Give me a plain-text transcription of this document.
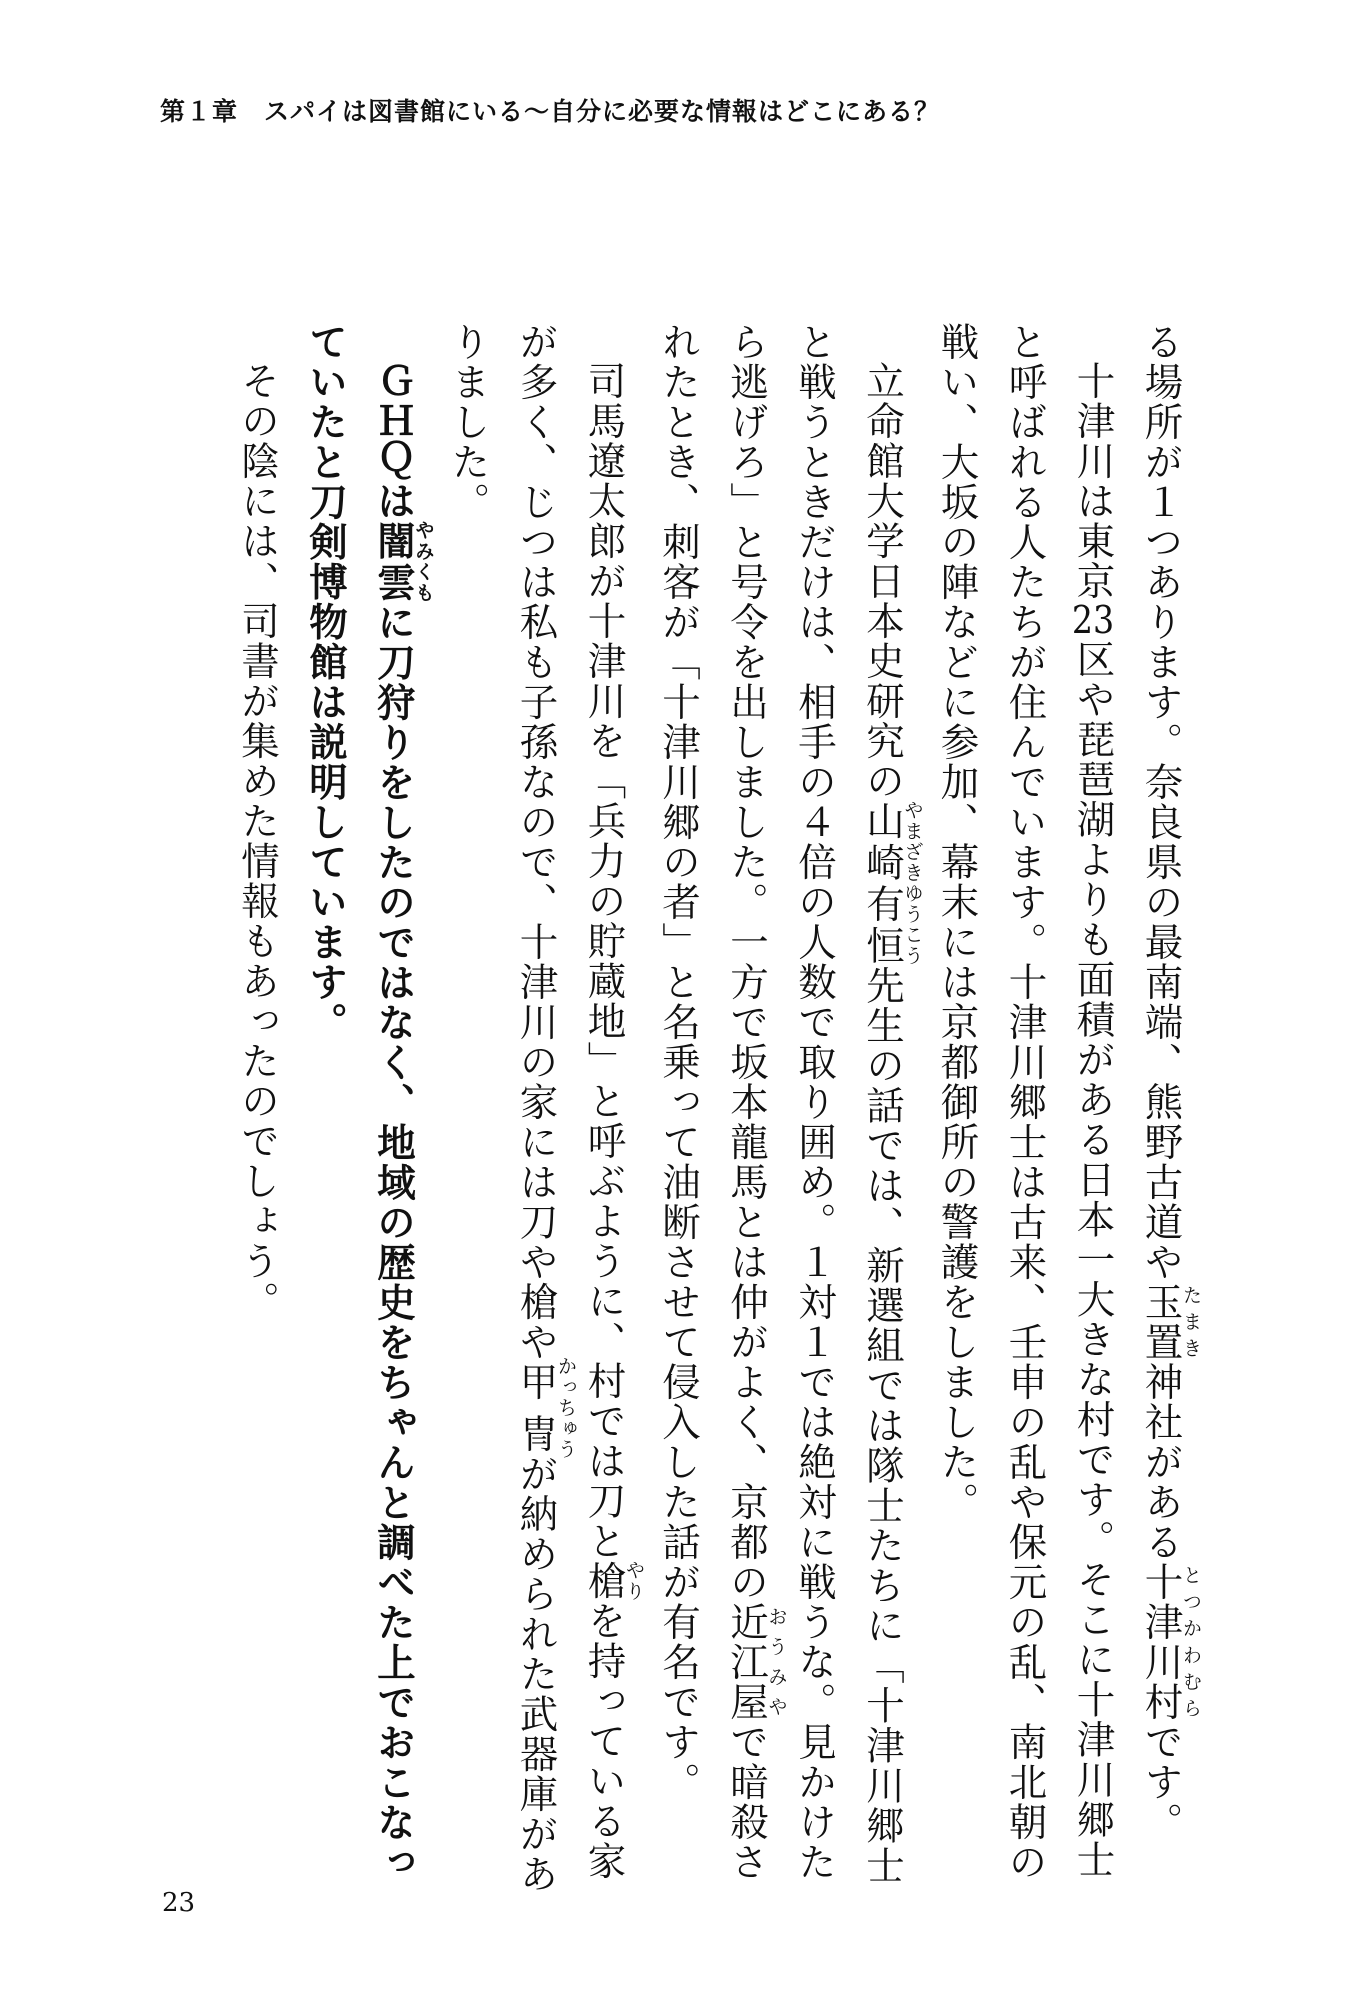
第１章　スパイは図書館にいる〜自分に必要な情報はどこにある？

る場所が１つあります。奈良県の最南端、熊野古道や玉置たまき神社がある十津川村とつかわむらです。

十津川は東京23区や琵琶湖よりも面積がある日本一大きな村です。そこに十津川郷士と呼ばれる人たちが住んでいます。十津川郷士は古来、壬申の乱や保元の乱、南北朝の戦い、大坂の陣などに参加、幕末には京都御所の警護をしました。

立命館大学日本史研究の山崎有恒やまざきゆうこう先生の話では、新選組では隊士たちに「十津川郷士と戦うときだけは、相手の４倍の人数で取り囲め。１対１では絶対に戦うな。見かけたら逃げろ」と号令を出しました。一方で坂本龍馬とは仲がよく、京都の近江屋おうみやで暗殺されたとき、刺客が「十津川郷の者」と名乗って油断させて侵入した話が有名です。

司馬遼太郎が十津川を「兵力の貯蔵地」と呼ぶように、村では刀と槍やりを持っている家が多く、じつは私も子孫なので、十津川の家には刀や槍や甲冑かっちゅうが納められた武器庫がありました。

ＧＨＱは闇雲やみくもに刀狩りをしたのではなく、地域の歴史をちゃんと調べた上でおこなっていたと刀剣博物館は説明しています。

その陰には、司書が集めた情報もあったのでしょう。

23
